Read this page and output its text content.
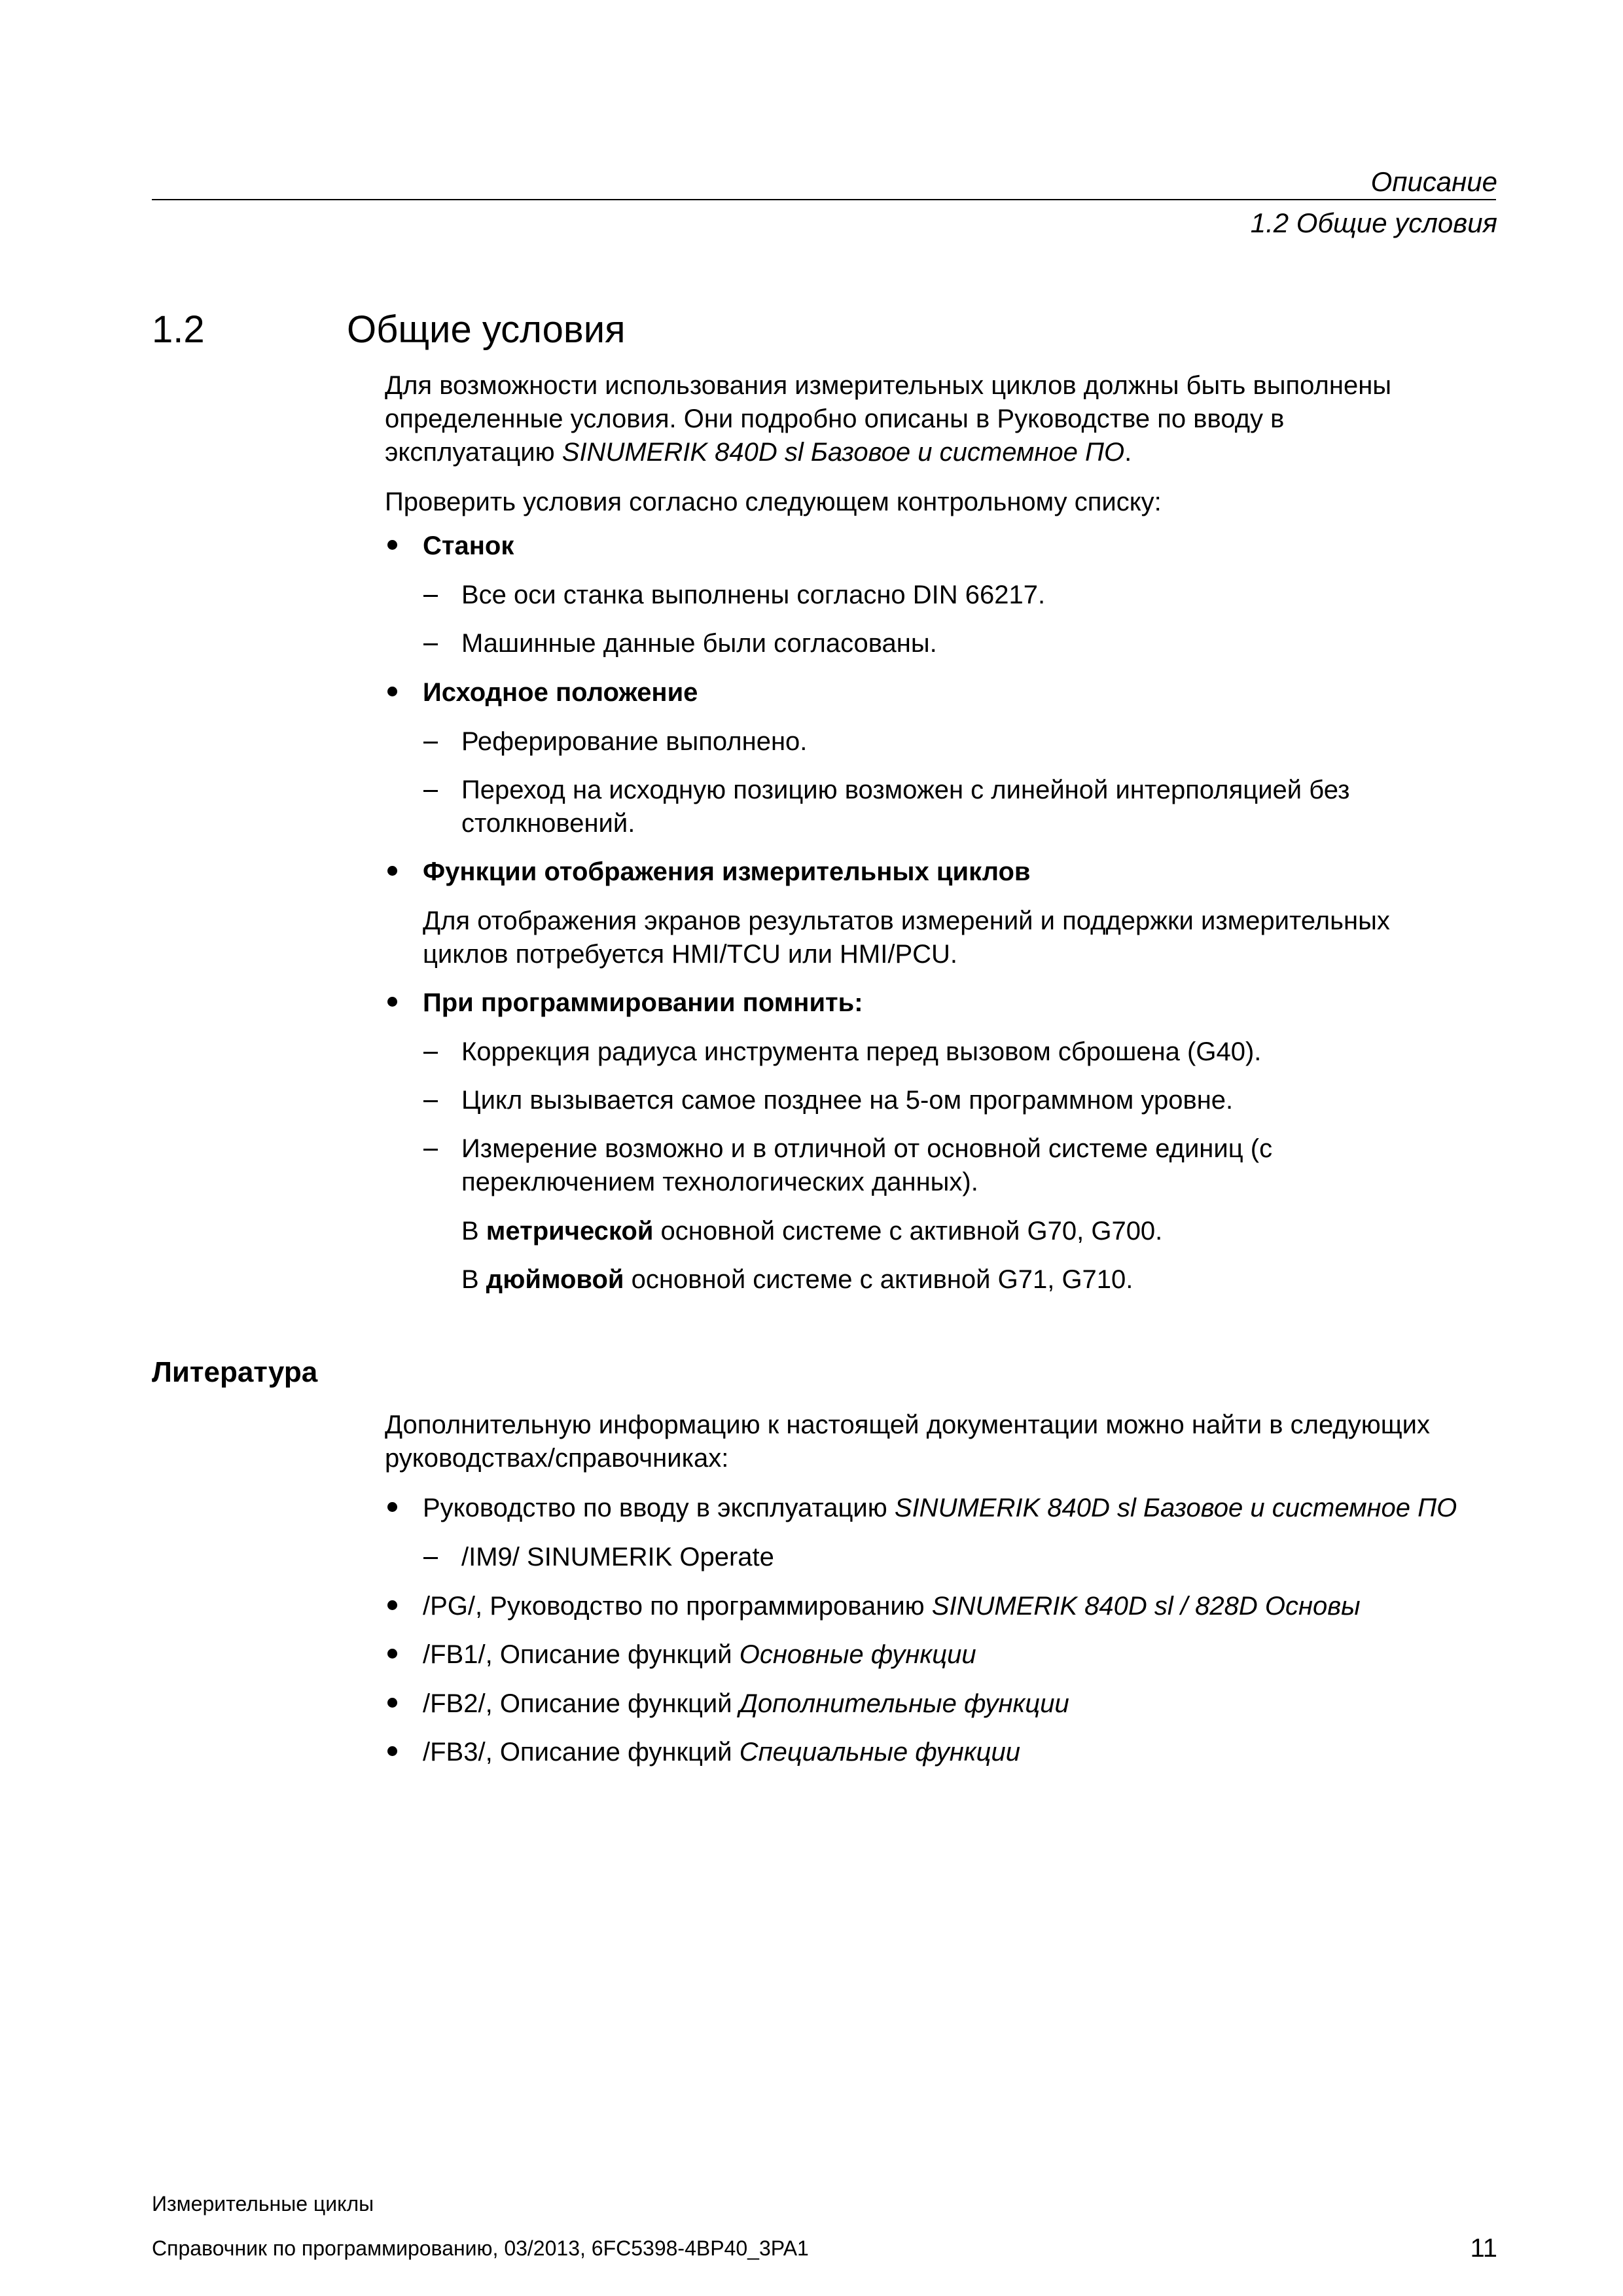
Описание
1.2 Общие условия
1.2	Общие условия
Для возможности использования измерительных циклов должны быть выполнены
определенные условия. Они подробно описаны в Руководстве по вводу в
эксплуатацию SINUMERIK 840D sl Базовое и системное ПО.
Проверить условия согласно следующем контрольному списку:
Станок
Все оси станка выполнены согласно DIN 66217.
Машинные данные были согласованы.
Исходное положение
Реферирование выполнено.
Переход на исходную позицию возможен с линейной интерполяцией без
столкновений.
Функции отображения измерительных циклов
Для отображения экранов результатов измерений и поддержки измерительных
циклов потребуется HMI/TCU или HMI/PCU.
При программировании помнить:
Коррекция радиуса инструмента перед вызовом сброшена (G40).
Цикл вызывается самое позднее на 5-ом программном уровне.
Измерение возможно и в отличной от основной системе единиц (с
переключением технологических данных).
В метрической основной системе с активной G70, G700.
В дюймовой основной системе с активной G71, G710.
Литература
Дополнительную информацию к настоящей документации можно найти в следующих
руководствах/справочниках:
Руководство по вводу в эксплуатацию SINUMERIK 840D sl Базовое и системное ПО
/IM9/ SINUMERIK Operate
/PG/, Руководство по программированию SINUMERIK 840D sl / 828D Основы
/FB1/, Описание функций Основные функции
/FB2/, Описание функций Дополнительные функции
/FB3/, Описание функций Специальные функции
Измерительные циклы
Справочник по программированию, 03/2013, 6FC5398-4BP40_3PA1	11
